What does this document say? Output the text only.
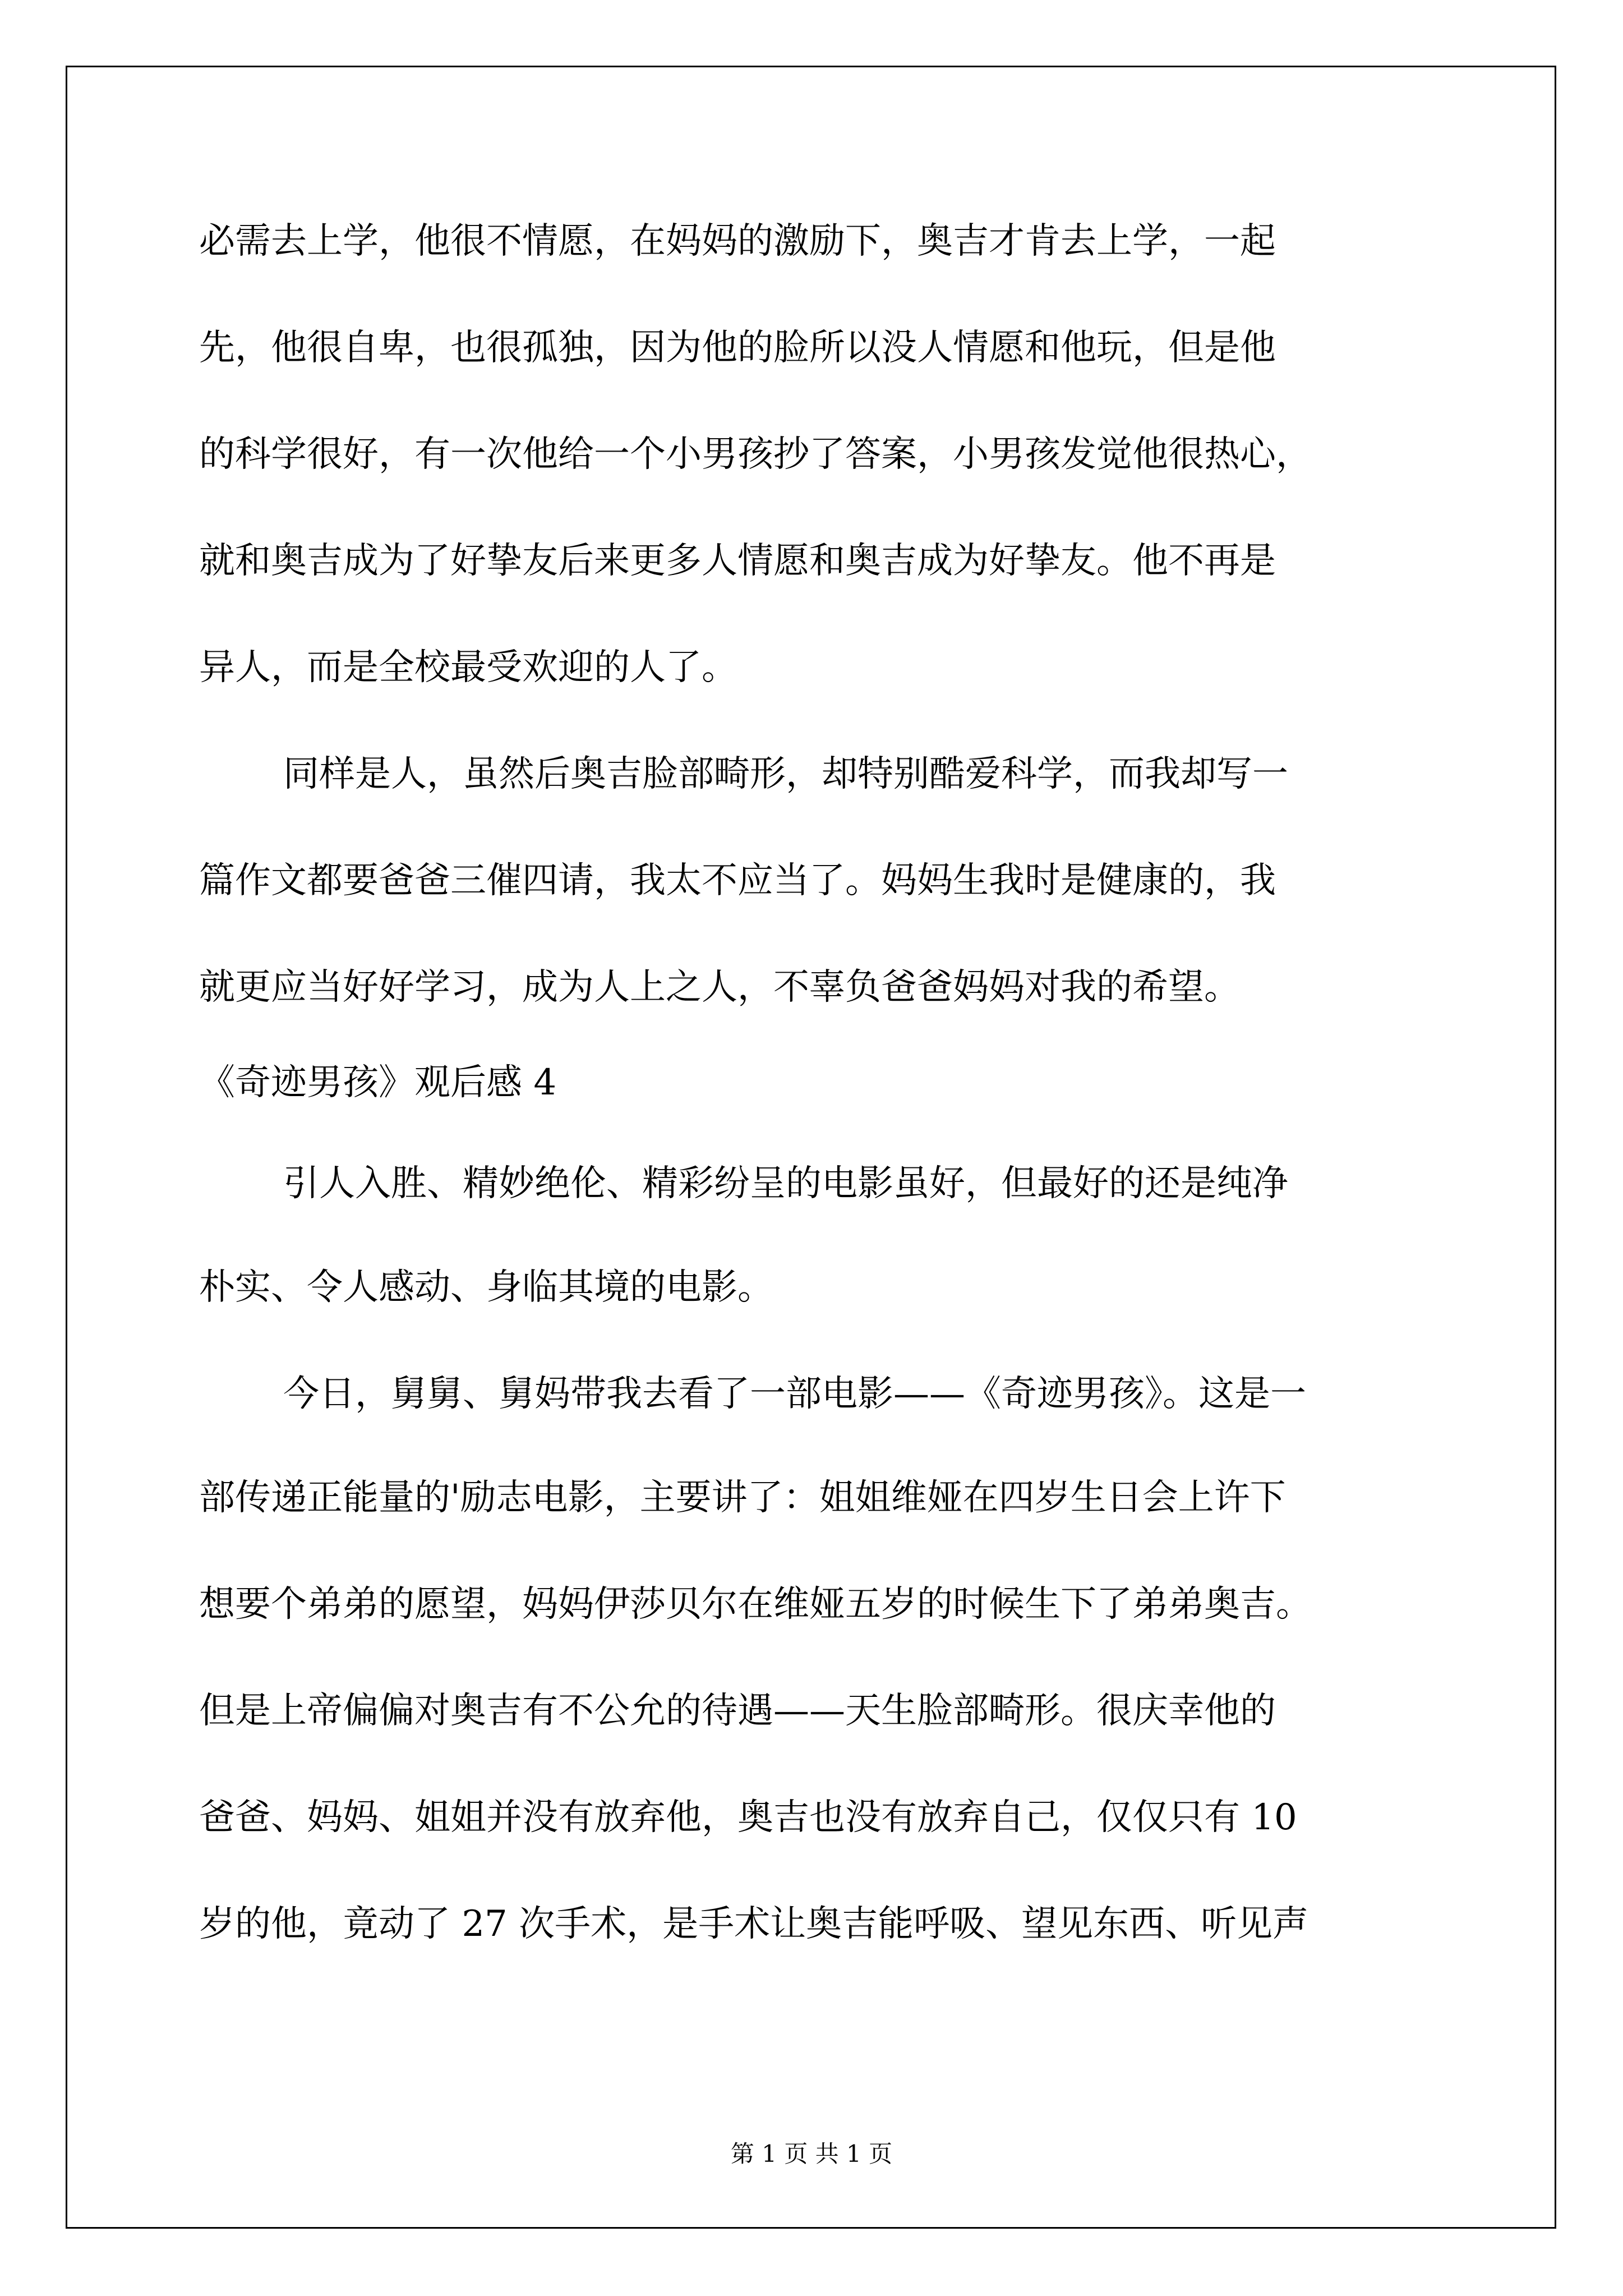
必需去上学，他很不情愿，在妈妈的激励下，奥吉才肯去上学，一起
先，他很自卑，也很孤独，因为他的脸所以没人情愿和他玩，但是他
的科学很好，有一次他给一个小男孩抄了答案，小男孩发觉他很热心，
就和奥吉成为了好挚友后来更多人情愿和奥吉成为好挚友。他不再是
异人，而是全校最受欢迎的人了。
同样是人，虽然后奥吉脸部畸形，却特别酷爱科学，而我却写一
篇作文都要爸爸三催四请，我太不应当了。妈妈生我时是健康的，我
就更应当好好学习，成为人上之人，不辜负爸爸妈妈对我的希望。
《奇迹男孩》观后感 4
引人入胜、精妙绝伦、精彩纷呈的电影虽好，但最好的还是纯净
朴实、令人感动、身临其境的电影。
今日，舅舅、舅妈带我去看了一部电影——《奇迹男孩》。这是一
部传递正能量的'励志电影，主要讲了：姐姐维娅在四岁生日会上许下
想要个弟弟的愿望，妈妈伊莎贝尔在维娅五岁的时候生下了弟弟奥吉。
但是上帝偏偏对奥吉有不公允的待遇——天生脸部畸形。很庆幸他的
爸爸、妈妈、姐姐并没有放弃他，奥吉也没有放弃自己，仅仅只有 10
岁的他，竟动了 27 次手术，是手术让奥吉能呼吸、望见东西、听见声
第 1 页 共 1 页
